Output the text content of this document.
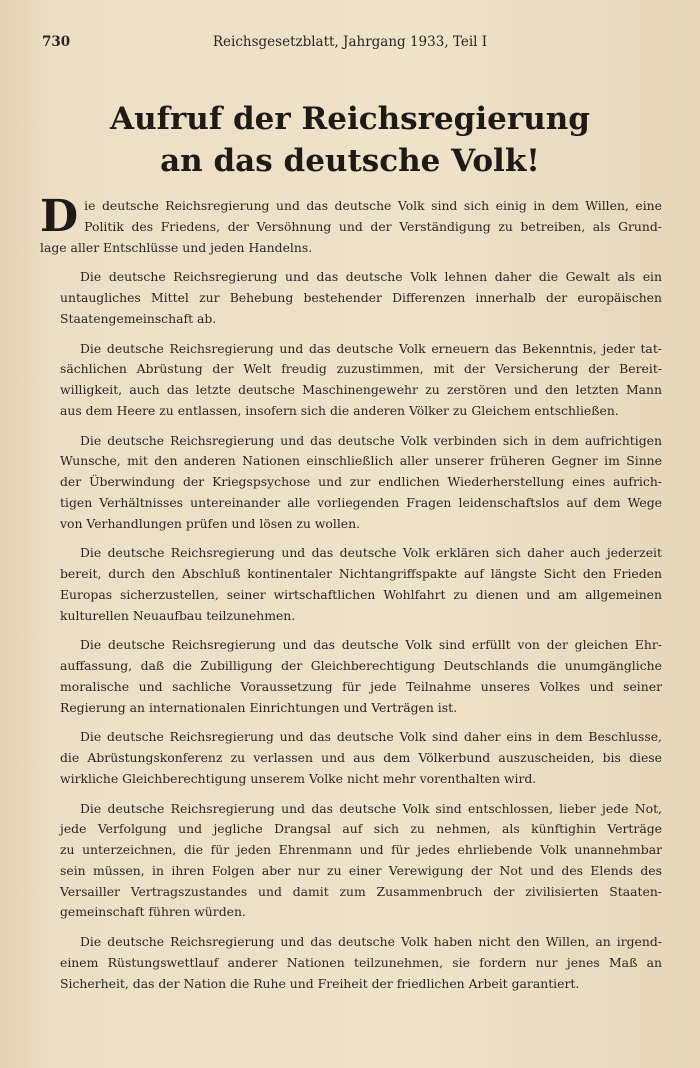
730	Reichsgesetzblatt, Jahrgang 1933, Teil I
Aufruf der Reichsregierung
an das deutsche Volk!
D ie deutsche Reichsregierung und das deutsche Volk sind sich einig in dem Willen, eine
Politik des Friedens, der Versöhnung und der Verständigung zu betreiben, als Grund-
lage aller Entschlüsse und jeden Handelns.
Die deutsche Reichsregierung und das deutsche Volk lehnen daher die Gewalt als ein
untaugliches Mittel zur Behebung bestehender Differenzen innerhalb der europäischen
Staatengemeinschaft ab.
Die deutsche Reichsregierung und das deutsche Volk erneuern das Bekenntnis, jeder tat-
sächlichen Abrüstung der Welt freudig zuzustimmen, mit der Versicherung der Bereit-
willigkeit, auch das letzte deutsche Maschinengewehr zu zerstören und den letzten Mann
aus dem Heere zu entlassen, insofern sich die anderen Völker zu Gleichem entschließen.
Die deutsche Reichsregierung und das deutsche Volk verbinden sich in dem aufrichtigen
Wunsche, mit den anderen Nationen einschließlich aller unserer früheren Gegner im Sinne
der Überwindung der Kriegspsychose und zur endlichen Wiederherstellung eines aufrich-
tigen Verhältnisses untereinander alle vorliegenden Fragen leidenschaftslos auf dem Wege
von Verhandlungen prüfen und lösen zu wollen.
Die deutsche Reichsregierung und das deutsche Volk erklären sich daher auch jederzeit
bereit, durch den Abschluß kontinentaler Nichtangriffspakte auf längste Sicht den Frieden
Europas sicherzustellen, seiner wirtschaftlichen Wohlfahrt zu dienen und am allgemeinen
kulturellen Neuaufbau teilzunehmen.
Die deutsche Reichsregierung und das deutsche Volk sind erfüllt von der gleichen Ehr-
auffassung, daß die Zubilligung der Gleichberechtigung Deutschlands die unumgängliche
moralische und sachliche Voraussetzung für jede Teilnahme unseres Volkes und seiner
Regierung an internationalen Einrichtungen und Verträgen ist.
Die deutsche Reichsregierung und das deutsche Volk sind daher eins in dem Beschlusse,
die Abrüstungskonferenz zu verlassen und aus dem Völkerbund auszuscheiden, bis diese
wirkliche Gleichberechtigung unserem Volke nicht mehr vorenthalten wird.
Die deutsche Reichsregierung und das deutsche Volk sind entschlossen, lieber jede Not,
jede Verfolgung und jegliche Drangsal auf sich zu nehmen, als künftighin Verträge
zu unterzeichnen, die für jeden Ehrenmann und für jedes ehrliebende Volk unannehmbar
sein müssen, in ihren Folgen aber nur zu einer Verewigung der Not und des Elends des
Versailler Vertragszustandes und damit zum Zusammenbruch der zivilisierten Staaten-
gemeinschaft führen würden.
Die deutsche Reichsregierung und das deutsche Volk haben nicht den Willen, an irgend-
einem Rüstungswettlauf anderer Nationen teilzunehmen, sie fordern nur jenes Maß an
Sicherheit, das der Nation die Ruhe und Freiheit der friedlichen Arbeit garantiert.
